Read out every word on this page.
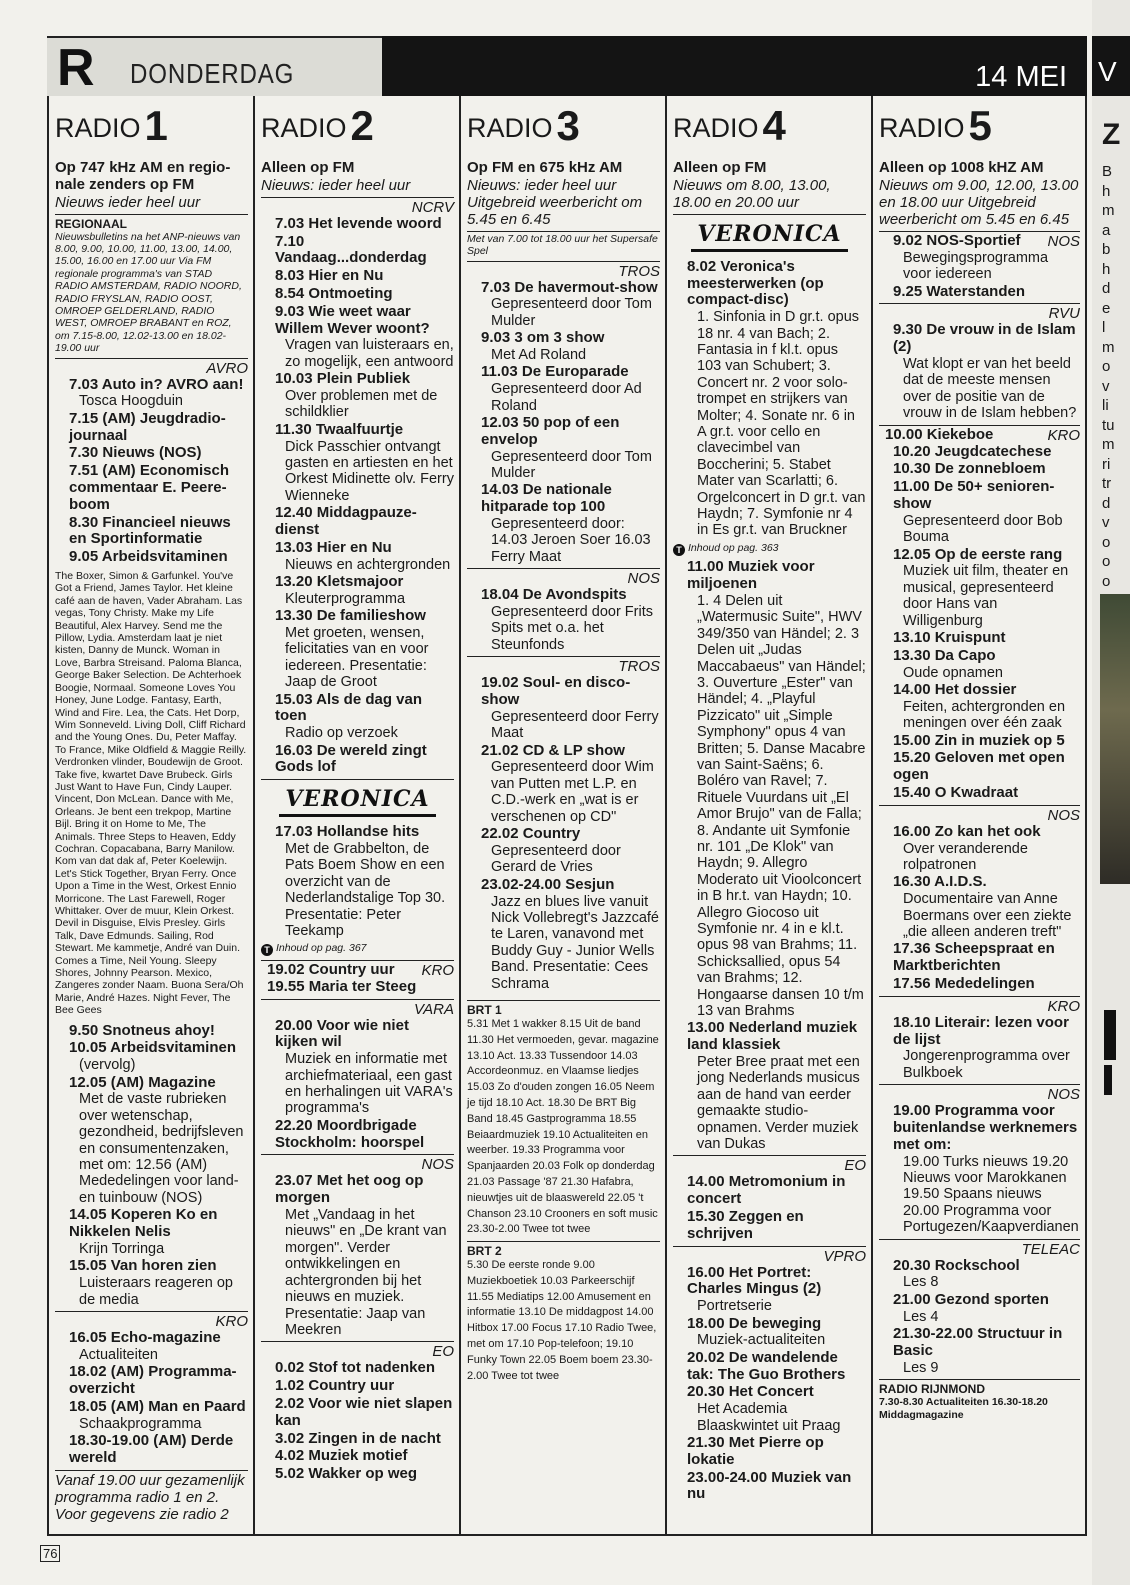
R DONDERDAG	14 MEI
RADIO1
Op 747 kHz AM en regio-nale zenders op FM
Nieuws ieder heel uur
REGIONAAL
Nieuwsbulletins na het ANP-nieuws van 8.00, 9.00, 10.00, 11.00, 13.00, 14.00, 15.00, 16.00 en 17.00 uur Via FM regionale programma's van STAD RADIO AMSTERDAM, RADIO NOORD, RADIO FRYSLAN, RADIO OOST, OMROEP GELDERLAND, RADIO WEST, OMROEP BRABANT en ROZ, om 7.15-8.00, 12.02-13.00 en 18.02-19.00 uur
AVRO
7.03 Auto in? AVRO aan!
Tosca Hoogduin
7.15 (AM) Jeugdradio-journaal
7.30 Nieuws (NOS)
7.51 (AM) Economisch commentaar E. Peere-boom
8.30 Financieel nieuws en Sportinformatie
9.05 Arbeidsvitaminen
The Boxer, Simon & Garfunkel. You've Got a Friend, James Taylor. Het kleine café aan de haven, Vader Abraham. Las vegas, Tony Christy. Make my Life Beautiful, Alex Harvey. Send me the Pillow, Lydia. Amsterdam laat je niet kisten, Danny de Munck. Woman in Love, Barbra Streisand. Paloma Blanca, George Baker Selection. De Achterhoek Boogie, Normaal. Someone Loves You Honey, June Lodge. Fantasy, Earth, Wind and Fire. Lea, the Cats. Het Dorp, Wim Sonneveld. Living Doll, Cliff Richard and the Young Ones. Du, Peter Maffay. To France, Mike Oldfield & Maggie Reilly. Verdronken vlinder, Boudewijn de Groot. Take five, kwartet Dave Brubeck. Girls Just Want to Have Fun, Cindy Lauper. Vincent, Don McLean. Dance with Me, Orleans. Je bent een trekpop, Martine Bijl. Bring it on Home to Me, The Animals. Three Steps to Heaven, Eddy Cochran. Copacabana, Barry Manilow. Kom van dat dak af, Peter Koelewijn. Let's Stick Together, Bryan Ferry. Once Upon a Time in the West, Orkest Ennio Morricone. The Last Farewell, Roger Whittaker. Over de muur, Klein Orkest. Devil in Disguise, Elvis Presley. Girls Talk, Dave Edmunds. Sailing, Rod Stewart. Me kammetje, André van Duin. Comes a Time, Neil Young. Sleepy Shores, Johnny Pearson. Mexico, Zangeres zonder Naam. Buona Sera/Oh Marie, André Hazes. Night Fever, The Bee Gees
9.50 Snotneus ahoy!
10.05 Arbeidsvitaminen
(vervolg)
12.05 (AM) Magazine
Met de vaste rubrieken over wetenschap, gezondheid, bedrijfsleven en consumentenzaken, met om: 12.56 (AM) Mededelingen voor land- en tuinbouw (NOS)
14.05 Koperen Ko en Nikkelen Nelis
Krijn Torringa
15.05 Van horen zien
Luisteraars reageren op de media
KRO
16.05 Echo-magazine
Actualiteiten
18.02 (AM) Programma-overzicht
18.05 (AM) Man en Paard
Schaakprogramma
18.30-19.00 (AM) Derde wereld
Vanaf 19.00 uur gezamenlijk programma radio 1 en 2. Voor gegevens zie radio 2
RADIO2
Alleen op FM
Nieuws: ieder heel uur
NCRV
7.03 Het levende woord
7.10 Vandaag...donderdag
8.03 Hier en Nu
8.54 Ontmoeting
9.03 Wie weet waar Willem Wever woont?
Vragen van luisteraars en, zo mogelijk, een antwoord
10.03 Plein Publiek
Over problemen met de schildklier
11.30 Twaalfuurtje
Dick Passchier ontvangt gasten en artiesten en het Orkest Midinette olv. Ferry Wienneke
12.40 Middagpauze-dienst
13.03 Hier en Nu
Nieuws en achtergronden
13.20 Kletsmajoor
Kleuterprogramma
13.30 De familieshow
Met groeten, wensen, felicitaties van en voor iedereen. Presentatie: Jaap de Groot
15.03 Als de dag van toen
Radio op verzoek
16.03 De wereld zingt Gods lof
VERONICA
17.03 Hollandse hits
Met de Grabbelton, de Pats Boem Show en een overzicht van de Nederlandstalige Top 30. Presentatie: Peter Teekamp
T Inhoud op pag. 367
19.02 Country uur KRO
19.55 Maria ter Steeg
VARA
20.00 Voor wie niet kijken wil
Muziek en informatie met archiefmateriaal, een gast en herhalingen uit VARA's programma's
22.20 Moordbrigade Stockholm: hoorspel
NOS
23.07 Met het oog op morgen
Met „Vandaag in het nieuws" en „De krant van morgen". Verder ontwikkelingen en achtergronden bij het nieuws en muziek. Presentatie: Jaap van Meekren
EO
0.02 Stof tot nadenken
1.02 Country uur
2.02 Voor wie niet slapen kan
3.02 Zingen in de nacht
4.02 Muziek motief
5.02 Wakker op weg
RADIO3
Op FM en 675 kHz AM
Nieuws: ieder heel uur Uitgebreid weerbericht om 5.45 en 6.45
Met van 7.00 tot 18.00 uur het Supersafe Spel
TROS
7.03 De havermout-show
Gepresenteerd door Tom Mulder
9.03 3 om 3 show
Met Ad Roland
11.03 De Europarade
Gepresenteerd door Ad Roland
12.03 50 pop of een envelop
Gepresenteerd door Tom Mulder
14.03 De nationale hitparade top 100
Gepresenteerd door: 14.03 Jeroen Soer 16.03 Ferry Maat
NOS
18.04 De Avondspits
Gepresenteerd door Frits Spits met o.a. het Steunfonds
TROS
19.02 Soul- en disco-show
Gepresenteerd door Ferry Maat
21.02 CD & LP show
Gepresenteerd door Wim van Putten met L.P. en C.D.-werk en „wat is er verschenen op CD"
22.02 Country
Gepresenteerd door Gerard de Vries
23.02-24.00 Sesjun
Jazz en blues live vanuit Nick Vollebregt's Jazzcafé te Laren, vanavond met Buddy Guy - Junior Wells Band. Presentatie: Cees Schrama
BRT 1
5.31 Met 1 wakker 8.15 Uit de band 11.30 Het vermoeden, gevar. magazine 13.10 Act. 13.33 Tussendoor 14.03 Accordeonmuz. en Vlaamse liedjes 15.03 Zo d'ouden zongen 16.05 Neem je tijd 18.10 Act. 18.30 De BRT Big Band 18.45 Gastprogramma 18.55 Beiaardmuziek 19.10 Actualiteiten en weerber. 19.33 Programma voor Spanjaarden 20.03 Folk op donderdag 21.03 Passage '87 21.30 Hafabra, nieuwtjes uit de blaaswereld 22.05 't Chanson 23.10 Crooners en soft music 23.30-2.00 Twee tot twee
BRT 2
5.30 De eerste ronde 9.00 Muziekboetiek 10.03 Parkeerschijf 11.55 Mediatips 12.00 Amusement en informatie 13.10 De middagpost 14.00 Hitbox 17.00 Focus 17.10 Radio Twee, met om 17.10 Pop-telefoon; 19.10 Funky Town 22.05 Boem boem 23.30-2.00 Twee tot twee
RADIO4
Alleen op FM
Nieuws om 8.00, 13.00, 18.00 en 20.00 uur
VERONICA
8.02 Veronica's meesterwerken (op compact-disc)
1. Sinfonia in D gr.t. opus 18 nr. 4 van Bach; 2. Fantasia in f kl.t. opus 103 van Schubert; 3. Concert nr. 2 voor solo-trompet en strijkers van Molter; 4. Sonate nr. 6 in A gr.t. voor cello en clavecimbel van Boccherini; 5. Stabet Mater van Scarlatti; 6. Orgelconcert in D gr.t. van Haydn; 7. Symfonie nr 4 in Es gr.t. van Bruckner
T Inhoud op pag. 363
11.00 Muziek voor miljoenen
1. 4 Delen uit „Watermusic Suite", HWV 349/350 van Händel; 2. 3 Delen uit „Judas Maccabaeus" van Händel; 3. Ouverture „Ester" van Händel; 4. „Playful Pizzicato" uit „Simple Symphony" opus 4 van Britten; 5. Danse Macabre van Saint-Saëns; 6. Boléro van Ravel; 7. Rituele Vuurdans uit „El Amor Brujo" van de Falla; 8. Andante uit Symfonie nr. 101 „De Klok" van Haydn; 9. Allegro Moderato uit Vioolconcert in B hr.t. van Haydn; 10. Allegro Giocoso uit Symfonie nr. 4 in e kl.t. opus 98 van Brahms; 11. Schicksallied, opus 54 van Brahms; 12. Hongaarse dansen 10 t/m 13 van Brahms
13.00 Nederland muziek land klassiek
Peter Bree praat met een jong Nederlands musicus aan de hand van eerder gemaakte studio-opnamen. Verder muziek van Dukas
EO
14.00 Metromonium in concert
15.30 Zeggen en schrijven
VPRO
16.00 Het Portret: Charles Mingus (2)
Portretserie
18.00 De beweging
Muziek-actualiteiten
20.02 De wandelende tak: The Guo Brothers
20.30 Het Concert
Het Academia Blaaskwintet uit Praag
21.30 Met Pierre op lokatie
23.00-24.00 Muziek van nu
RADIO5
Alleen op 1008 kHZ AM
Nieuws om 9.00, 12.00, 13.00 en 18.00 uur Uitgebreid weerbericht om 5.45 en 6.45
9.02 NOS-Sportief NOS
Bewegingsprogramma voor iedereen
9.25 Waterstanden
RVU
9.30 De vrouw in de Islam (2)
Wat klopt er van het beeld dat de meeste mensen over de positie van de vrouw in de Islam hebben?
10.00 Kiekeboe	KRO
10.20 Jeugdcatechese
10.30 De zonnebloem
11.00 De 50+ senioren-show
Gepresenteerd door Bob Bouma
12.05 Op de eerste rang
Muziek uit film, theater en musical, gepresenteerd door Hans van Willigenburg
13.10 Kruispunt
13.30 Da Capo
Oude opnamen
14.00 Het dossier
Feiten, achtergronden en meningen over één zaak
15.00 Zin in muziek op 5
15.20 Geloven met open ogen
15.40 O Kwadraat
NOS
16.00 Zo kan het ook
Over veranderende rolpatronen
16.30 A.I.D.S.
Documentaire van Anne Boermans over een ziekte „die alleen anderen treft"
17.36 Scheepspraat en Marktberichten
17.56 Mededelingen
KRO
18.10 Literair: lezen voor de lijst
Jongerenprogramma over Bulkboek
NOS
19.00 Programma voor buitenlandse werknemers met om:
19.00 Turks nieuws 19.20 Nieuws voor Marokkanen 19.50 Spaans nieuws 20.00 Programma voor Portugezen/Kaapverdianen
TELEAC
20.30 Rockschool
Les 8
21.00 Gezond sporten
Les 4
21.30-22.00 Structuur in Basic
Les 9
RADIO RIJNMOND
7.30-8.30 Actualiteiten 16.30-18.20 Middagmagazine
76
V
Z
B
h
m
a
b
h
d
e
l
m
o
v
li
tu
m
ri
tr
d
v
o
o
o
